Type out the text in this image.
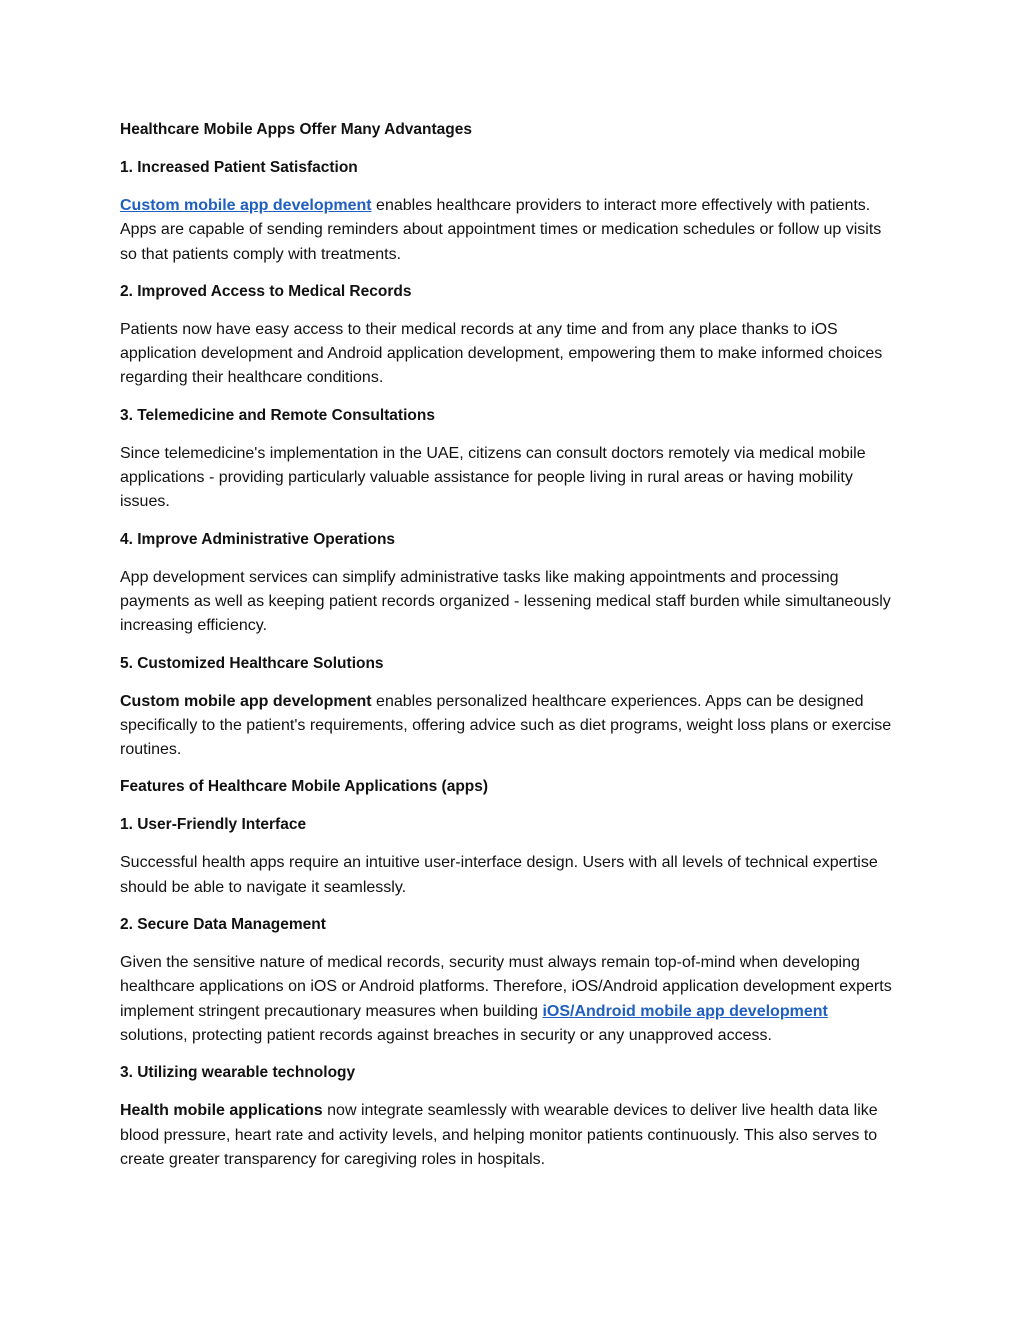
Healthcare Mobile Apps Offer Many Advantages
1. Increased Patient Satisfaction

Custom mobile app development enables healthcare providers to interact more effectively with patients. Apps are capable of sending reminders about appointment times or medication schedules or follow up visits so that patients comply with treatments.

2. Improved Access to Medical Records

Patients now have easy access to their medical records at any time and from any place thanks to iOS application development and Android application development, empowering them to make informed choices regarding their healthcare conditions.

3. Telemedicine and Remote Consultations

Since telemedicine's implementation in the UAE, citizens can consult doctors remotely via medical mobile applications - providing particularly valuable assistance for people living in rural areas or having mobility issues.

4. Improve Administrative Operations

App development services can simplify administrative tasks like making appointments and processing payments as well as keeping patient records organized - lessening medical staff burden while simultaneously increasing efficiency.

5. Customized Healthcare Solutions

Custom mobile app development enables personalized healthcare experiences. Apps can be designed specifically to the patient's requirements, offering advice such as diet programs, weight loss plans or exercise routines.

Features of Healthcare Mobile Applications (apps)
1. User-Friendly Interface

Successful health apps require an intuitive user-interface design. Users with all levels of technical expertise should be able to navigate it seamlessly.

2. Secure Data Management

Given the sensitive nature of medical records, security must always remain top-of-mind when developing healthcare applications on iOS or Android platforms. Therefore, iOS/Android application development experts implement stringent precautionary measures when building iOS/Android mobile app development solutions, protecting patient records against breaches in security or any unapproved access.

3. Utilizing wearable technology

Health mobile applications now integrate seamlessly with wearable devices to deliver live health data like blood pressure, heart rate and activity levels, and helping monitor patients continuously. This also serves to create greater transparency for caregiving roles in hospitals.
